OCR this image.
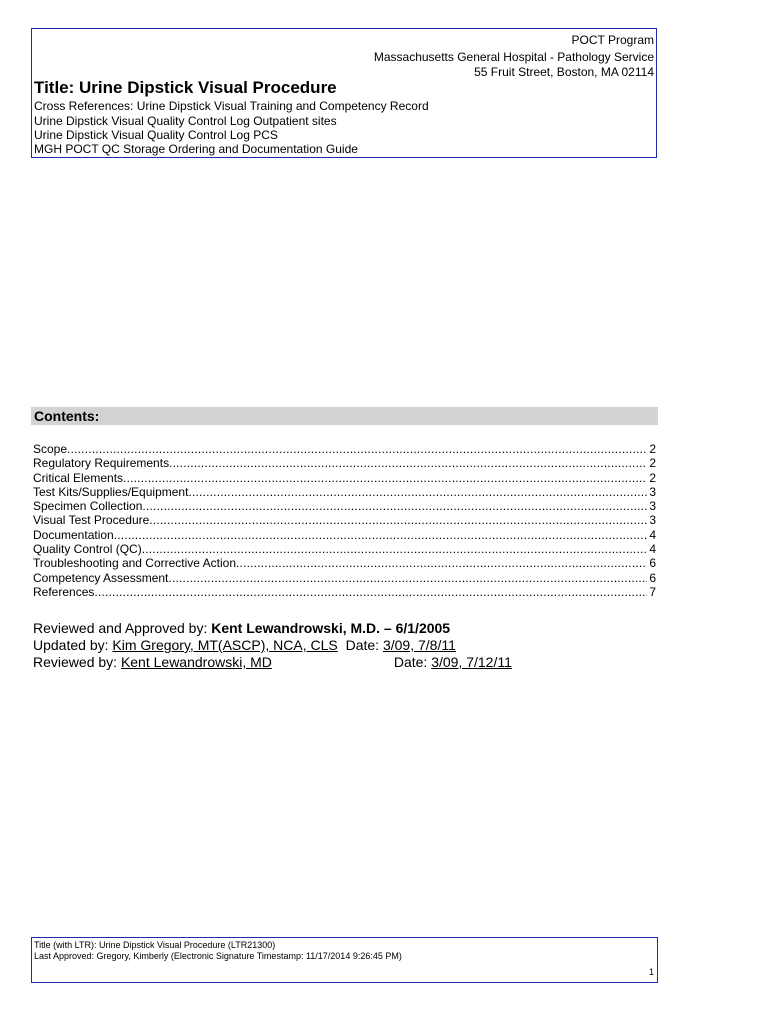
POCT Program
Massachusetts General Hospital - Pathology Service
55 Fruit Street, Boston, MA 02114
Title: Urine Dipstick Visual Procedure
Cross References: Urine Dipstick Visual Training and Competency Record
Urine Dipstick Visual Quality Control Log Outpatient sites
Urine Dipstick Visual Quality Control Log PCS
MGH POCT QC Storage Ordering and Documentation Guide
Contents:
Scope .....	2
Regulatory Requirements .....	2
Critical Elements .....	2
Test Kits/Supplies/Equipment .....	3
Specimen Collection .....	3
Visual Test Procedure .....	3
Documentation .....	4
Quality Control (QC) .....	4
Troubleshooting and Corrective Action .....	6
Competency Assessment .....	6
References .....	7
Reviewed and Approved by: Kent Lewandrowski, M.D. – 6/1/2005
Updated by: Kim Gregory, MT(ASCP), NCA, CLS Date: 3/09, 7/8/11
Reviewed by: Kent Lewandrowski, MD	Date: 3/09, 7/12/11
Title (with LTR): Urine Dipstick Visual Procedure (LTR21300)
Last Approved: Gregory, Kimberly (Electronic Signature Timestamp: 11/17/2014 9:26:45 PM)
1
